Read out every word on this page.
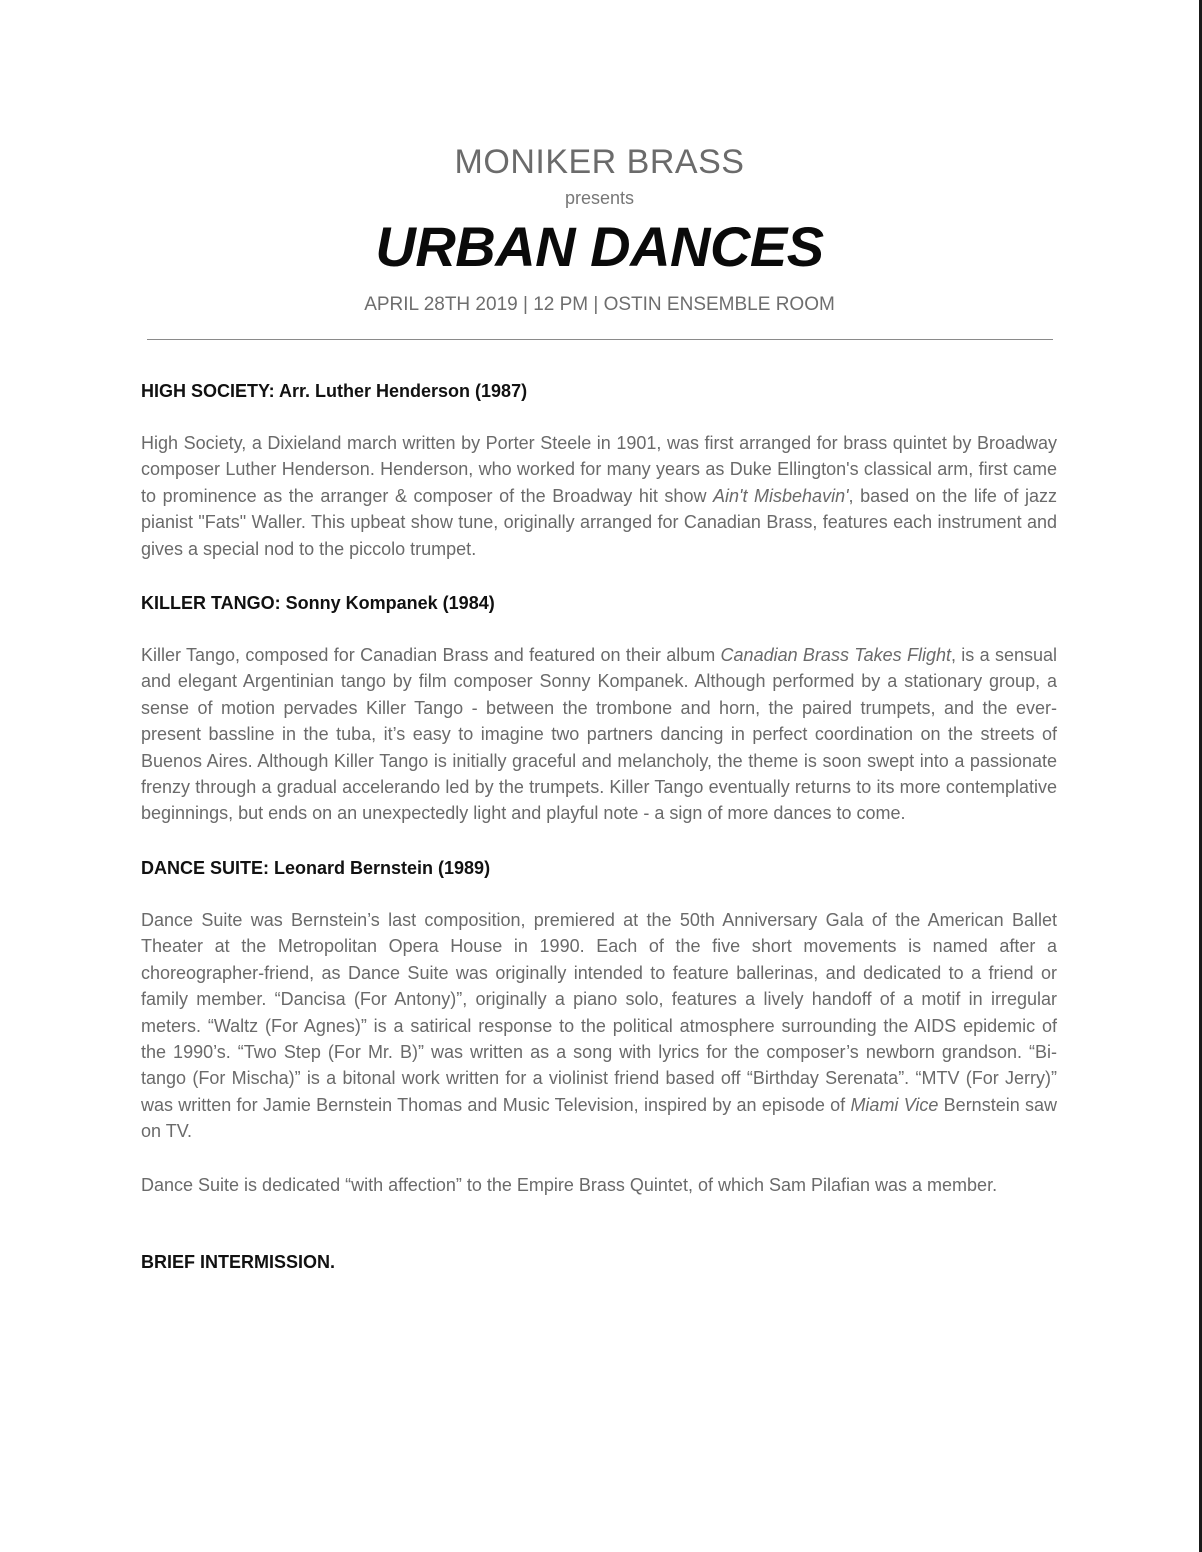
MONIKER BRASS
presents
URBAN DANCES
APRIL 28TH 2019 | 12 PM | OSTIN ENSEMBLE ROOM
HIGH SOCIETY: Arr. Luther Henderson (1987)

High Society, a Dixieland march written by Porter Steele in 1901, was first arranged for brass quintet by Broadway composer Luther Henderson. Henderson, who worked for many years as Duke Ellington's classical arm, first came to prominence as the arranger & composer of the Broadway hit show Ain't Misbehavin', based on the life of jazz pianist "Fats" Waller. This upbeat show tune, originally arranged for Canadian Brass, features each instrument and gives a special nod to the piccolo trumpet.

KILLER TANGO: Sonny Kompanek (1984)

Killer Tango, composed for Canadian Brass and featured on their album Canadian Brass Takes Flight, is a sensual and elegant Argentinian tango by film composer Sonny Kompanek. Although performed by a stationary group, a sense of motion pervades Killer Tango - between the trombone and horn, the paired trumpets, and the ever-present bassline in the tuba, it’s easy to imagine two partners dancing in perfect coordination on the streets of Buenos Aires. Although Killer Tango is initially graceful and melancholy, the theme is soon swept into a passionate frenzy through a gradual accelerando led by the trumpets. Killer Tango eventually returns to its more contemplative beginnings, but ends on an unexpectedly light and playful note - a sign of more dances to come.

DANCE SUITE: Leonard Bernstein (1989)

Dance Suite was Bernstein’s last composition, premiered at the 50th Anniversary Gala of the American Ballet Theater at the Metropolitan Opera House in 1990. Each of the five short movements is named after a choreographer-friend, as Dance Suite was originally intended to feature ballerinas, and dedicated to a friend or family member. “Dancisa (For Antony)”, originally a piano solo, features a lively handoff of a motif in irregular meters. “Waltz (For Agnes)” is a satirical response to the political atmosphere surrounding the AIDS epidemic of the 1990’s. “Two Step (For Mr. B)” was written as a song with lyrics for the composer’s newborn grandson. “Bi-tango (For Mischa)” is a bitonal work written for a violinist friend based off “Birthday Serenata”. “MTV (For Jerry)” was written for Jamie Bernstein Thomas and Music Television, inspired by an episode of Miami Vice Bernstein saw on TV.

Dance Suite is dedicated “with affection” to the Empire Brass Quintet, of which Sam Pilafian was a member.

BRIEF INTERMISSION.
